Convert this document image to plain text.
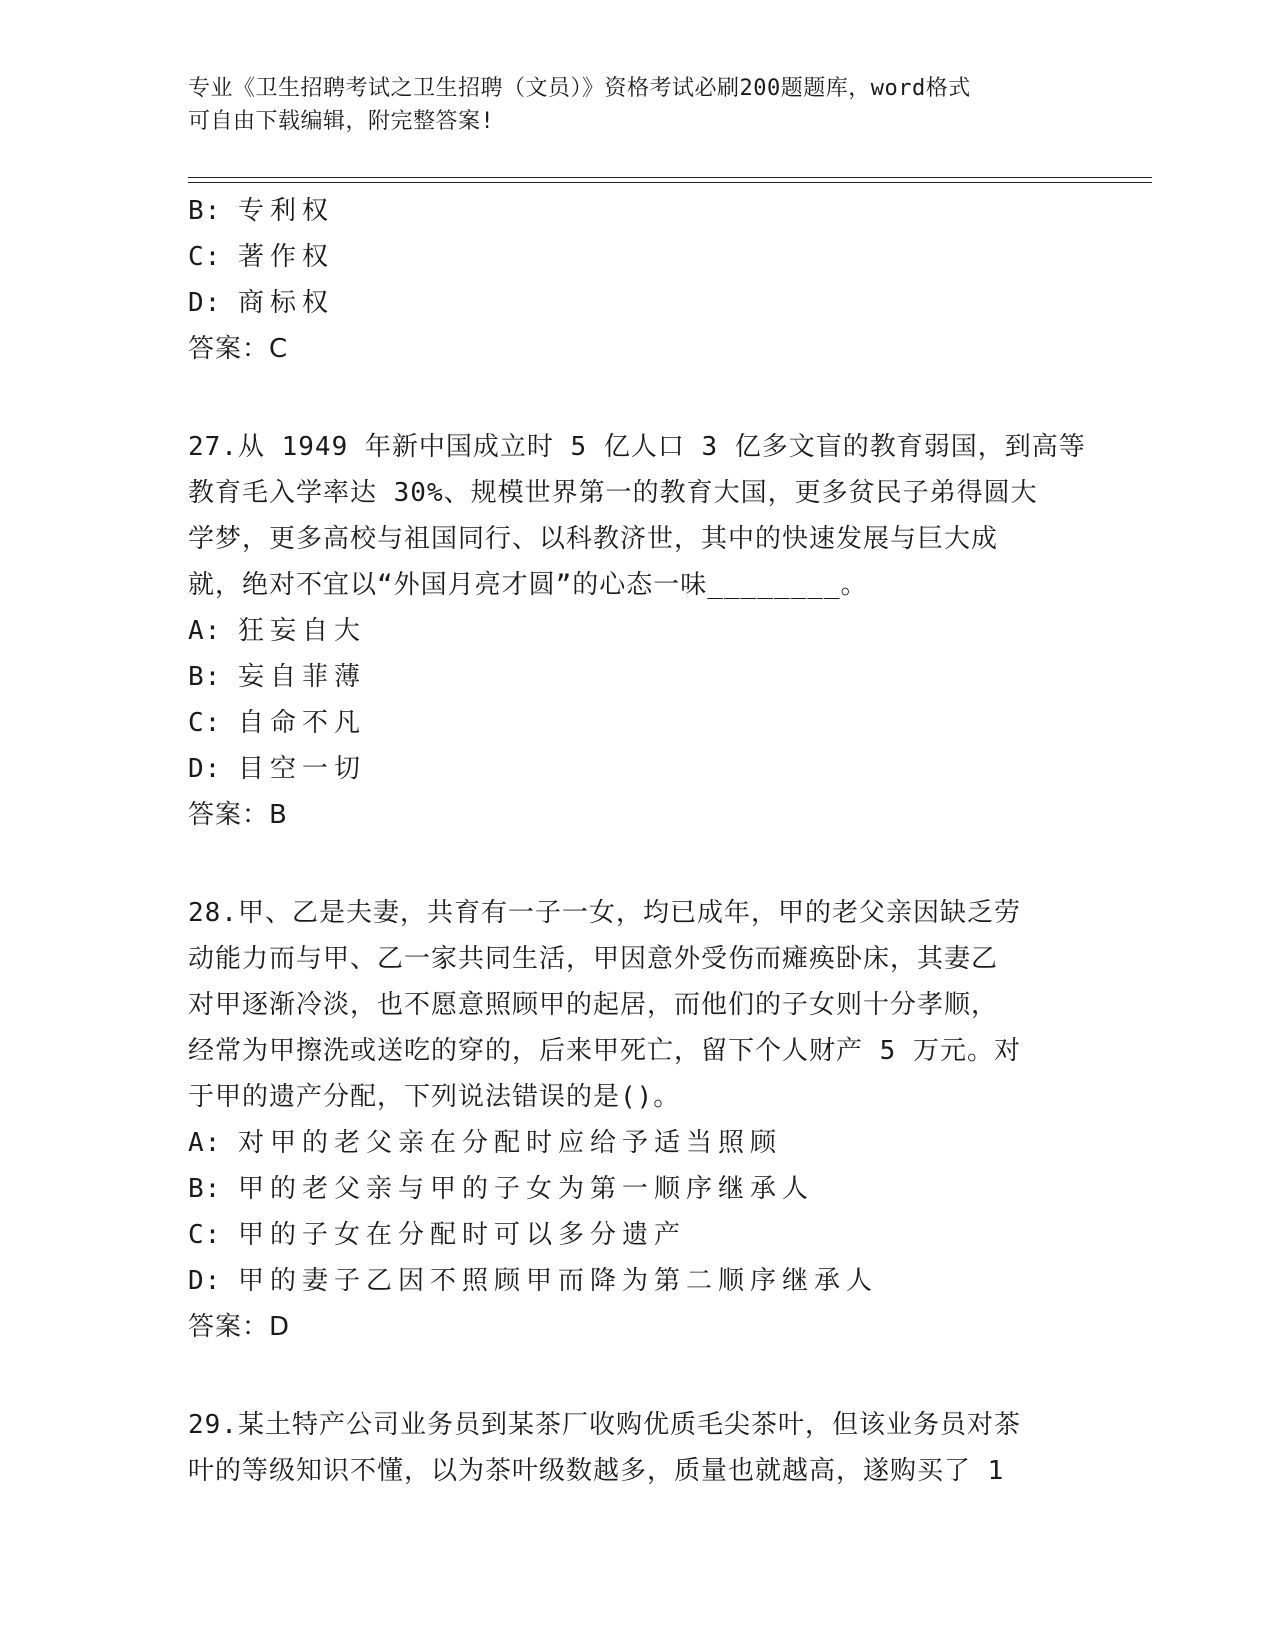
专业《卫生招聘考试之卫生招聘（文员）》资格考试必刷200题题库，word格式
可自由下载编辑，附完整答案!
B: 专利权
C: 著作权
D: 商标权
答案：C
27.从 1949 年新中国成立时 5 亿人口 3 亿多文盲的教育弱国，到高等
教育毛入学率达 30%、规模世界第一的教育大国，更多贫民子弟得圆大
学梦，更多高校与祖国同行、以科教济世，其中的快速发展与巨大成
就，绝对不宜以“外国月亮才圆”的心态一味________。
A: 狂妄自大
B: 妄自菲薄
C: 自命不凡
D: 目空一切
答案：B
28.甲、乙是夫妻，共育有一子一女，均已成年，甲的老父亲因缺乏劳
动能力而与甲、乙一家共同生活，甲因意外受伤而瘫痪卧床，其妻乙
对甲逐渐冷淡，也不愿意照顾甲的起居，而他们的子女则十分孝顺，
经常为甲擦洗或送吃的穿的，后来甲死亡，留下个人财产 5 万元。对
于甲的遗产分配，下列说法错误的是()。
A: 对甲的老父亲在分配时应给予适当照顾
B: 甲的老父亲与甲的子女为第一顺序继承人
C: 甲的子女在分配时可以多分遗产
D: 甲的妻子乙因不照顾甲而降为第二顺序继承人
答案：D
29.某土特产公司业务员到某茶厂收购优质毛尖茶叶，但该业务员对茶
叶的等级知识不懂，以为茶叶级数越多，质量也就越高，遂购买了 1
